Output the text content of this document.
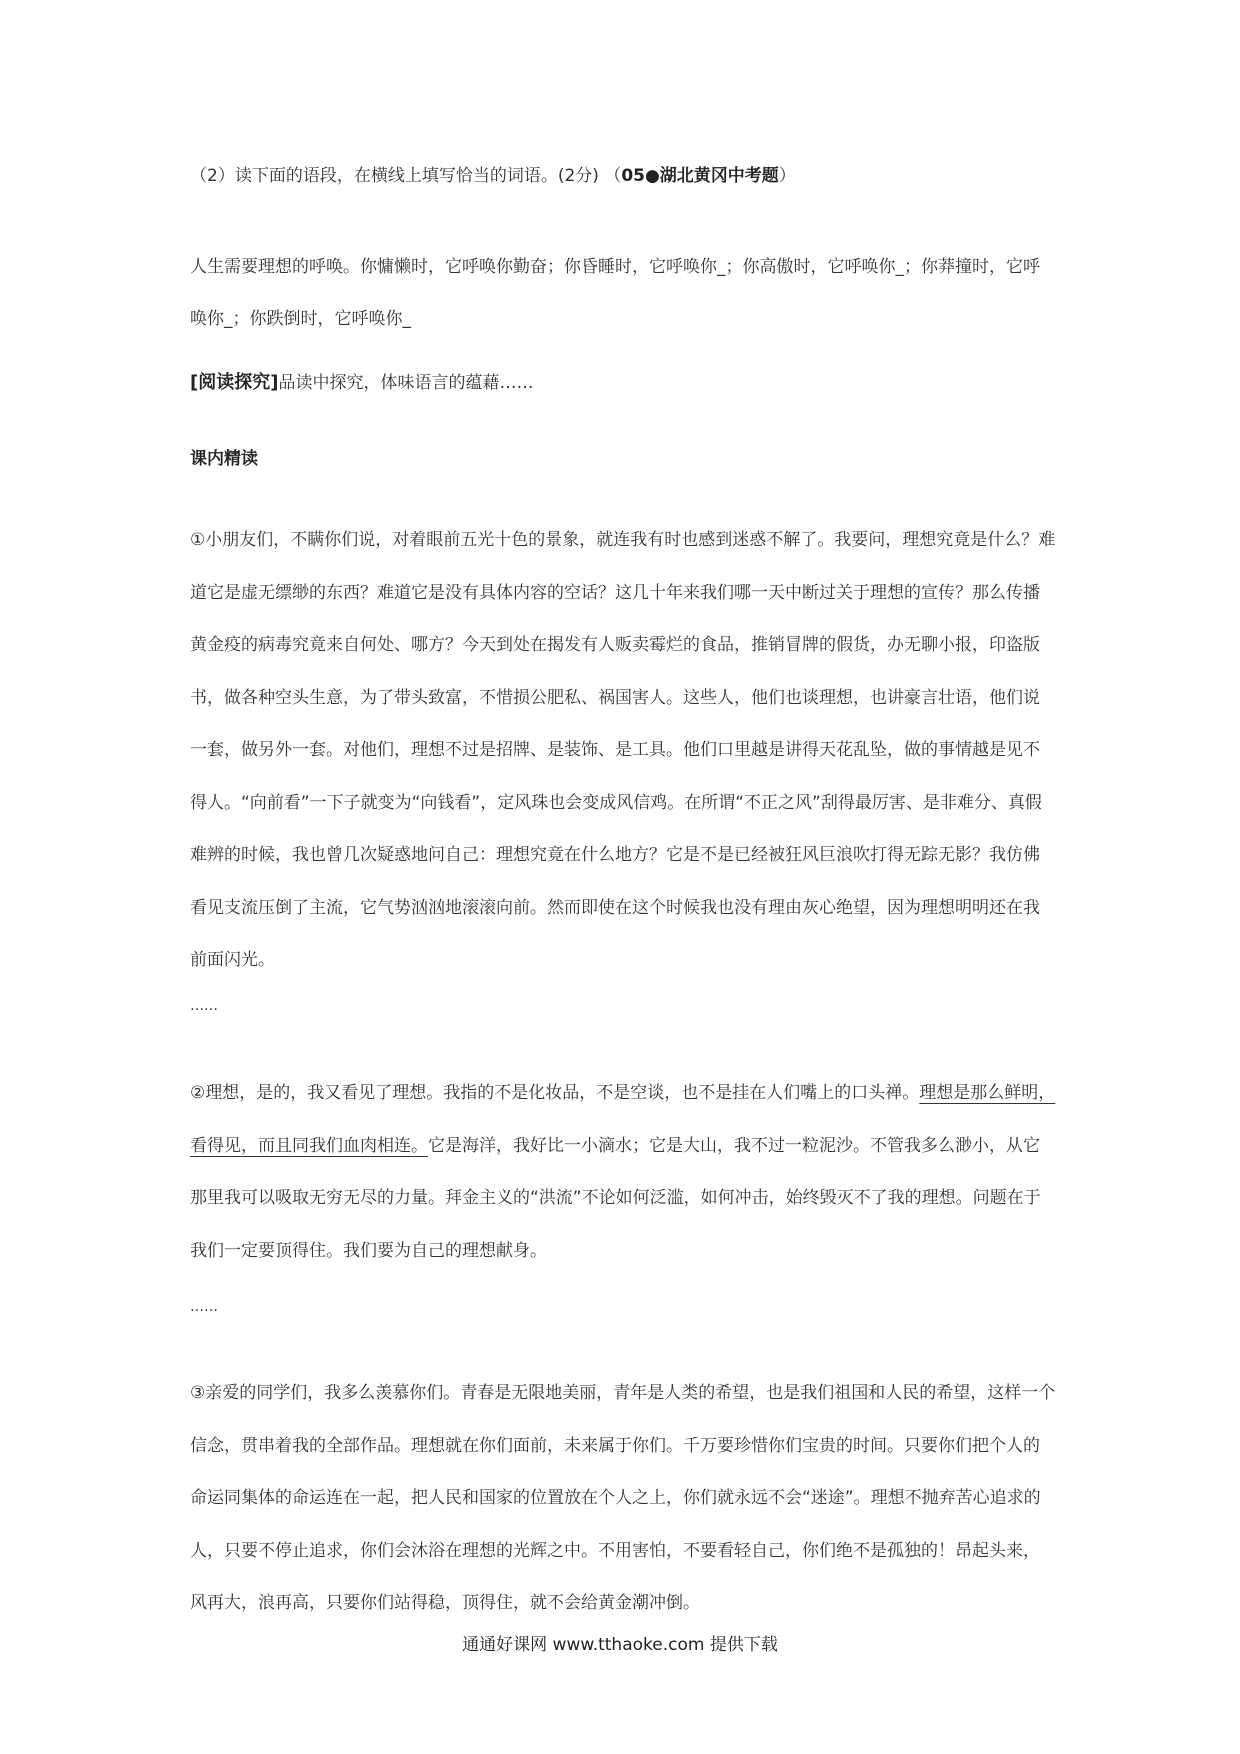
（2）读下面的语段，在横线上填写恰当的词语。(2分) （05●湖北黄冈中考题）
人生需要理想的呼唤。你慵懒时，它呼唤你勤奋；你昏睡时，它呼唤你_；你高傲时，它呼唤你_；你莽撞时，它呼唤你_；你跌倒时，它呼唤你_
[阅读探究]品读中探究，体味语言的蕴藉……
课内精读
①小朋友们，不瞒你们说，对着眼前五光十色的景象，就连我有时也感到迷惑不解了。我要问，理想究竟是什么？难道它是虚无缥缈的东西？难道它是没有具体内容的空话？这几十年来我们哪一天中断过关于理想的宣传？那么传播黄金疫的病毒究竟来自何处、哪方？今天到处在揭发有人贩卖霉烂的食品，推销冒牌的假货，办无聊小报，印盗版书，做各种空头生意，为了带头致富，不惜损公肥私、祸国害人。这些人，他们也谈理想，也讲豪言壮语，他们说一套，做另外一套。对他们，理想不过是招牌、是装饰、是工具。他们口里越是讲得天花乱坠，做的事情越是见不得人。“向前看”一下子就变为“向钱看”，定风珠也会变成风信鸡。在所谓“不正之风”刮得最厉害、是非难分、真假难辨的时候，我也曾几次疑惑地问自己：理想究竟在什么地方？它是不是已经被狂风巨浪吹打得无踪无影？我仿佛看见支流压倒了主流，它气势汹汹地滚滚向前。然而即使在这个时候我也没有理由灰心绝望，因为理想明明还在我前面闪光。
……
②理想，是的，我又看见了理想。我指的不是化妆品，不是空谈，也不是挂在人们嘴上的口头禅。理想是那么鲜明，看得见，而且同我们血肉相连。它是海洋，我好比一小滴水；它是大山，我不过一粒泥沙。不管我多么渺小，从它那里我可以吸取无穷无尽的力量。拜金主义的“洪流”不论如何泛滥，如何冲击，始终毁灭不了我的理想。问题在于我们一定要顶得住。我们要为自己的理想献身。
……
③亲爱的同学们，我多么羡慕你们。青春是无限地美丽，青年是人类的希望，也是我们祖国和人民的希望，这样一个信念，贯串着我的全部作品。理想就在你们面前，未来属于你们。千万要珍惜你们宝贵的时间。只要你们把个人的命运同集体的命运连在一起，把人民和国家的位置放在个人之上，你们就永远不会“迷途”。理想不抛弃苦心追求的人，只要不停止追求，你们会沐浴在理想的光辉之中。不用害怕，不要看轻自己，你们绝不是孤独的！昂起头来，风再大，浪再高，只要你们站得稳，顶得住，就不会给黄金潮冲倒。
通通好课网 www.tthaoke.com 提供下载
